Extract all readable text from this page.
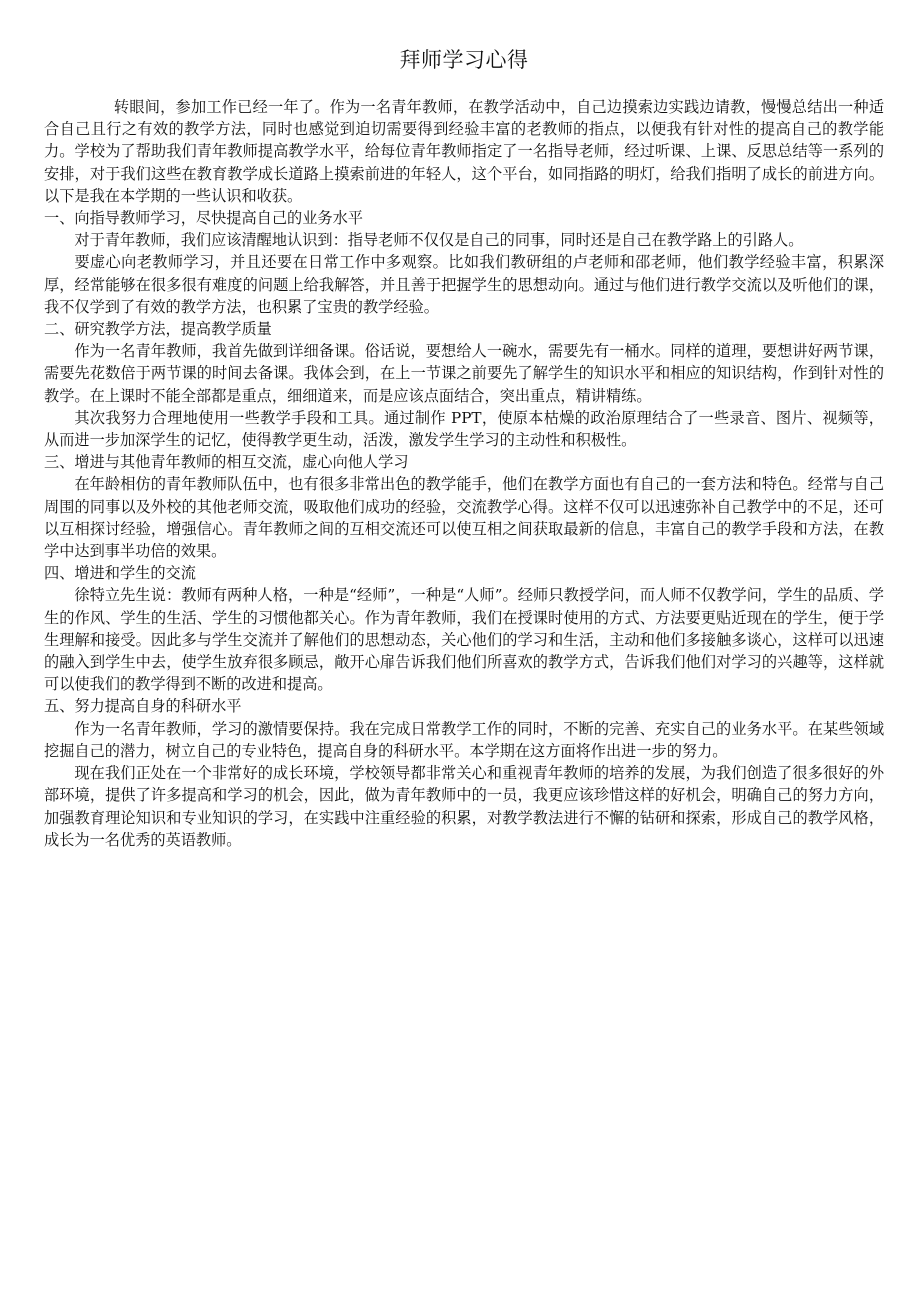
拜师学习心得

转眼间，参加工作已经一年了。作为一名青年教师，在教学活动中，自己边摸索边实践边请教，慢慢总结出一种适合自己且行之有效的教学方法，同时也感觉到迫切需要得到经验丰富的老教师的指点，以便我有针对性的提高自己的教学能力。学校为了帮助我们青年教师提高教学水平，给每位青年教师指定了一名指导老师，经过听课、上课、反思总结等一系列的安排，对于我们这些在教育教学成长道路上摸索前进的年轻人，这个平台，如同指路的明灯，给我们指明了成长的前进方向。以下是我在本学期的一些认识和收获。

一、向指导教师学习，尽快提高自己的业务水平

对于青年教师，我们应该清醒地认识到：指导老师不仅仅是自己的同事，同时还是自己在教学路上的引路人。

要虚心向老教师学习，并且还要在日常工作中多观察。比如我们教研组的卢老师和邵老师，他们教学经验丰富，积累深厚，经常能够在很多很有难度的问题上给我解答，并且善于把握学生的思想动向。通过与他们进行教学交流以及听他们的课，我不仅学到了有效的教学方法，也积累了宝贵的教学经验。

二、研究教学方法，提高教学质量

作为一名青年教师，我首先做到详细备课。俗话说，要想给人一碗水，需要先有一桶水。同样的道理，要想讲好两节课，需要先花数倍于两节课的时间去备课。我体会到，在上一节课之前要先了解学生的知识水平和相应的知识结构，作到针对性的教学。在上课时不能全部都是重点，细细道来，而是应该点面结合，突出重点，精讲精练。

其次我努力合理地使用一些教学手段和工具。通过制作 PPT，使原本枯燥的政治原理结合了一些录音、图片、视频等，从而进一步加深学生的记忆，使得教学更生动，活泼，激发学生学习的主动性和积极性。

三、增进与其他青年教师的相互交流，虚心向他人学习

在年龄相仿的青年教师队伍中，也有很多非常出色的教学能手，他们在教学方面也有自己的一套方法和特色。经常与自己周围的同事以及外校的其他老师交流，吸取他们成功的经验，交流教学心得。这样不仅可以迅速弥补自己教学中的不足，还可以互相探讨经验，增强信心。青年教师之间的互相交流还可以使互相之间获取最新的信息，丰富自己的教学手段和方法，在教学中达到事半功倍的效果。

四、增进和学生的交流

徐特立先生说：教师有两种人格，一种是“经师”，一种是“人师”。经师只教授学问，而人师不仅教学问，学生的品质、学生的作风、学生的生活、学生的习惯他都关心。作为青年教师，我们在授课时使用的方式、方法要更贴近现在的学生，便于学生理解和接受。因此多与学生交流并了解他们的思想动态，关心他们的学习和生活，主动和他们多接触多谈心，这样可以迅速的融入到学生中去，使学生放弃很多顾忌，敞开心扉告诉我们他们所喜欢的教学方式，告诉我们他们对学习的兴趣等，这样就可以使我们的教学得到不断的改进和提高。

五、努力提高自身的科研水平

作为一名青年教师，学习的激情要保持。我在完成日常教学工作的同时，不断的完善、充实自己的业务水平。在某些领域挖掘自己的潜力，树立自己的专业特色，提高自身的科研水平。本学期在这方面将作出进一步的努力。

现在我们正处在一个非常好的成长环境，学校领导都非常关心和重视青年教师的培养的发展，为我们创造了很多很好的外部环境，提供了许多提高和学习的机会，因此，做为青年教师中的一员，我更应该珍惜这样的好机会，明确自己的努力方向，加强教育理论知识和专业知识的学习，在实践中注重经验的积累，对教学教法进行不懈的钻研和探索，形成自己的教学风格，成长为一名优秀的英语教师。
